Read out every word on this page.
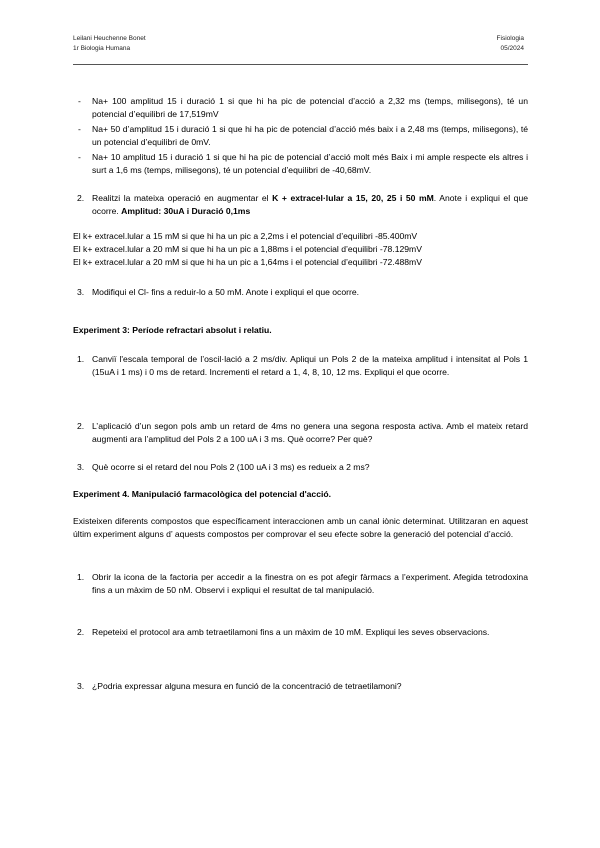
Leilani Heuchenne Bonet
1r Biologia Humana
Fisiologia
05/2024
- Na+ 100 amplitud 15 i duració 1 si que hi ha pic de potencial d’acció a 2,32 ms (temps, milisegons), té un potencial d’equilibri de 17,519mV
- Na+ 50 d’amplitud 15 i duració 1 si que hi ha pic de potencial d’acció més baix i a 2,48 ms (temps, milisegons), té un potencial d’equilibri de 0mV.
- Na+ 10 amplitud 15 i duració 1 si que hi ha pic de potencial d’acció molt més Baix i mi ample respecte els altres i surt a 1,6 ms (temps, milisegons), té un potencial d’equilibri de -40,68mV.
2. Realitzi la mateixa operació en augmentar el K + extracel·lular a 15, 20, 25 i 50 mM. Anote i expliqui el que ocorre. Amplitud: 30uA i Duració 0,1ms
El k+ extracel.lular a 15 mM si que hi ha un pic a 2,2ms i el potencial d’equilibri -85.400mV
El k+ extracel.lular a 20 mM si que hi ha un pic a 1,88ms i el potencial d’equilibri -78.129mV
El k+ extracel.lular a 20 mM si que hi ha un pic a 1,64ms i el potencial d’equilibri -72.488mV
3. Modifiqui el Cl- fins a reduir-lo a 50 mM. Anote i expliqui el que ocorre.
Experiment 3: Període refractari absolut i relatiu.
1. Canviï l'escala temporal de l’oscil·lació a 2 ms/div. Apliqui un Pols 2 de la mateixa amplitud i intensitat al Pols 1 (15uA i 1 ms) i 0 ms de retard. Incrementi el retard a 1, 4, 8, 10, 12 ms. Expliqui el que ocorre.
2. L’aplicació d’un segon pols amb un retard de 4ms no genera una segona resposta activa. Amb el mateix retard augmenti ara l’amplitud del Pols 2 a 100 uA i 3 ms. Què ocorre? Per què?
3. Què ocorre si el retard del nou Pols 2 (100 uA i 3 ms) es redueix a 2 ms?
Experiment 4. Manipulació farmacològica del potencial d'acció.
Existeixen diferents compostos que específicament interaccionen amb un canal iònic determinat. Utilitzaran en aquest últim experiment alguns d’ aquests compostos per comprovar el seu efecte sobre la generació del potencial d’acció.
1. Obrir la icona de la factoria per accedir a la finestra on es pot afegir fàrmacs a l’experiment. Afegida tetrodoxina fins a un màxim de 50 nM. Observi i expliqui el resultat de tal manipulació.
2. Repeteixi el protocol ara amb tetraetilamoni fins a un màxim de 10 mM. Expliqui les seves observacions.
3. ¿Podria expressar alguna mesura en funció de la concentració de tetraetilamoni?
